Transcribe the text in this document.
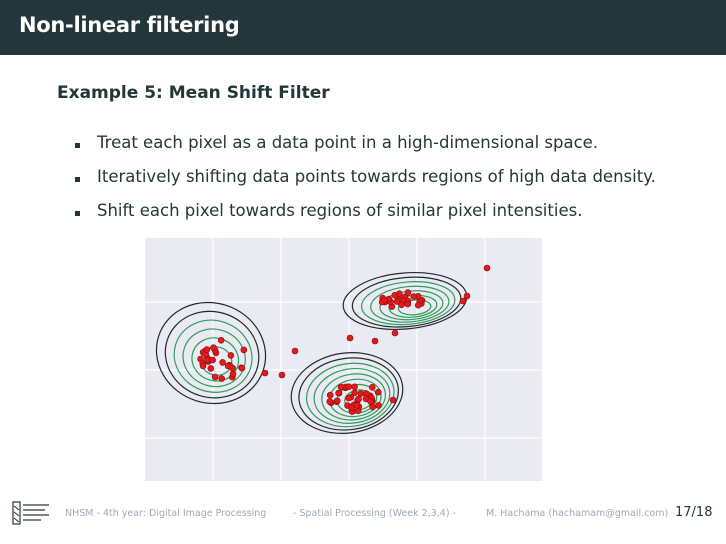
Non-linear filtering
Example 5: Mean Shift Filter
Treat each pixel as a data point in a high-dimensional space.
Iteratively shifting data points towards regions of high data density.
Shift each pixel towards regions of similar pixel intensities.
NHSM - 4th year: Digital Image Processing	- Spatial Processing (Week 2,3,4) -	M. Hachama (hachamam@gmail.com) 17/18
